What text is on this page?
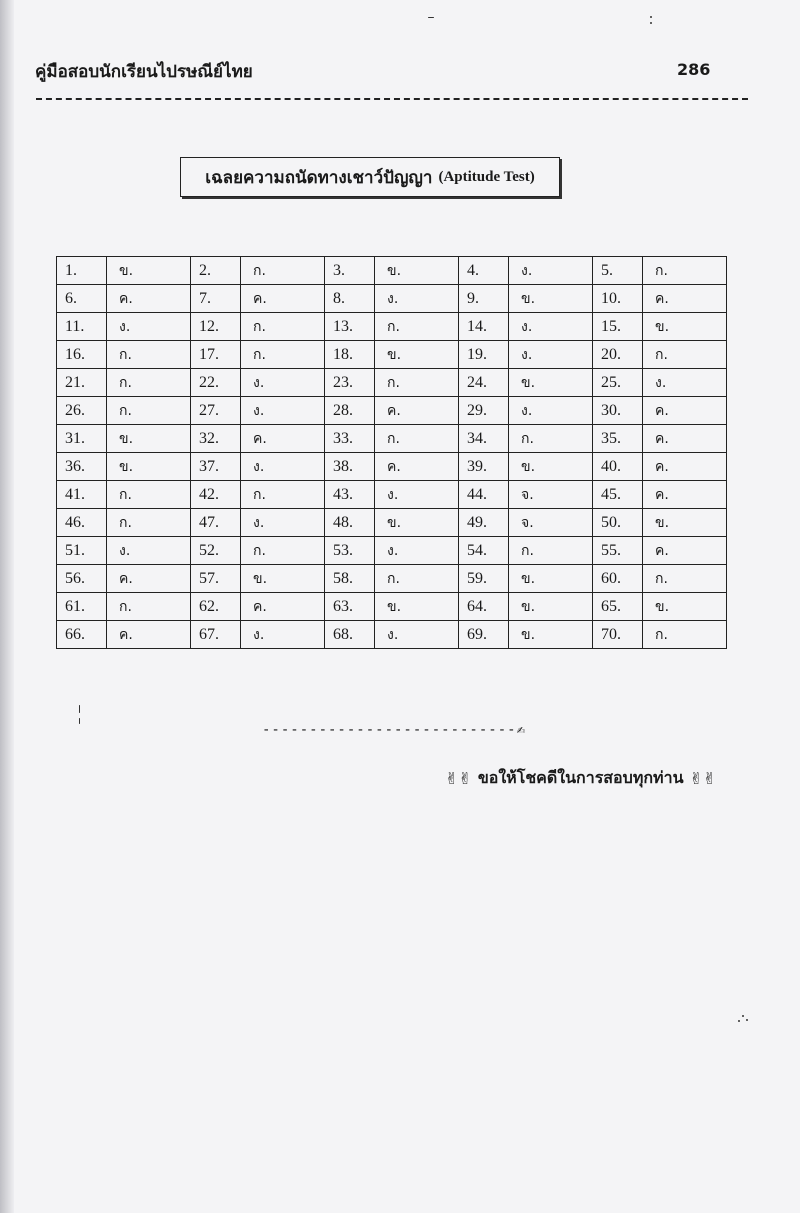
คู่มือสอบนักเรียนไปรษณีย์ไทย	286
เฉลยความถนัดทางเชาว์ปัญญา (Aptitude Test)
1.	ข.	2.	ก.	3.	ข.	4.	ง.	5.	ก.
6.	ค.	7.	ค.	8.	ง.	9.	ข.	10.	ค.
11.	ง.	12.	ก.	13.	ก.	14.	ง.	15.	ข.
16.	ก.	17.	ก.	18.	ข.	19.	ง.	20.	ก.
21.	ก.	22.	ง.	23.	ก.	24.	ข.	25.	ง.
26.	ก.	27.	ง.	28.	ค.	29.	ง.	30.	ค.
31.	ข.	32.	ค.	33.	ก.	34.	ก.	35.	ค.
36.	ข.	37.	ง.	38.	ค.	39.	ข.	40.	ค.
41.	ก.	42.	ก.	43.	ง.	44.	จ.	45.	ค.
46.	ก.	47.	ง.	48.	ข.	49.	จ.	50.	ข.
51.	ง.	52.	ก.	53.	ง.	54.	ก.	55.	ค.
56.	ค.	57.	ข.	58.	ก.	59.	ข.	60.	ก.
61.	ก.	62.	ค.	63.	ข.	64.	ข.	65.	ข.
66.	ค.	67.	ง.	68.	ง.	69.	ข.	70.	ก.
---------------------------✍
✌✌ ขอให้โชคดีในการสอบทุกท่าน ✌✌
